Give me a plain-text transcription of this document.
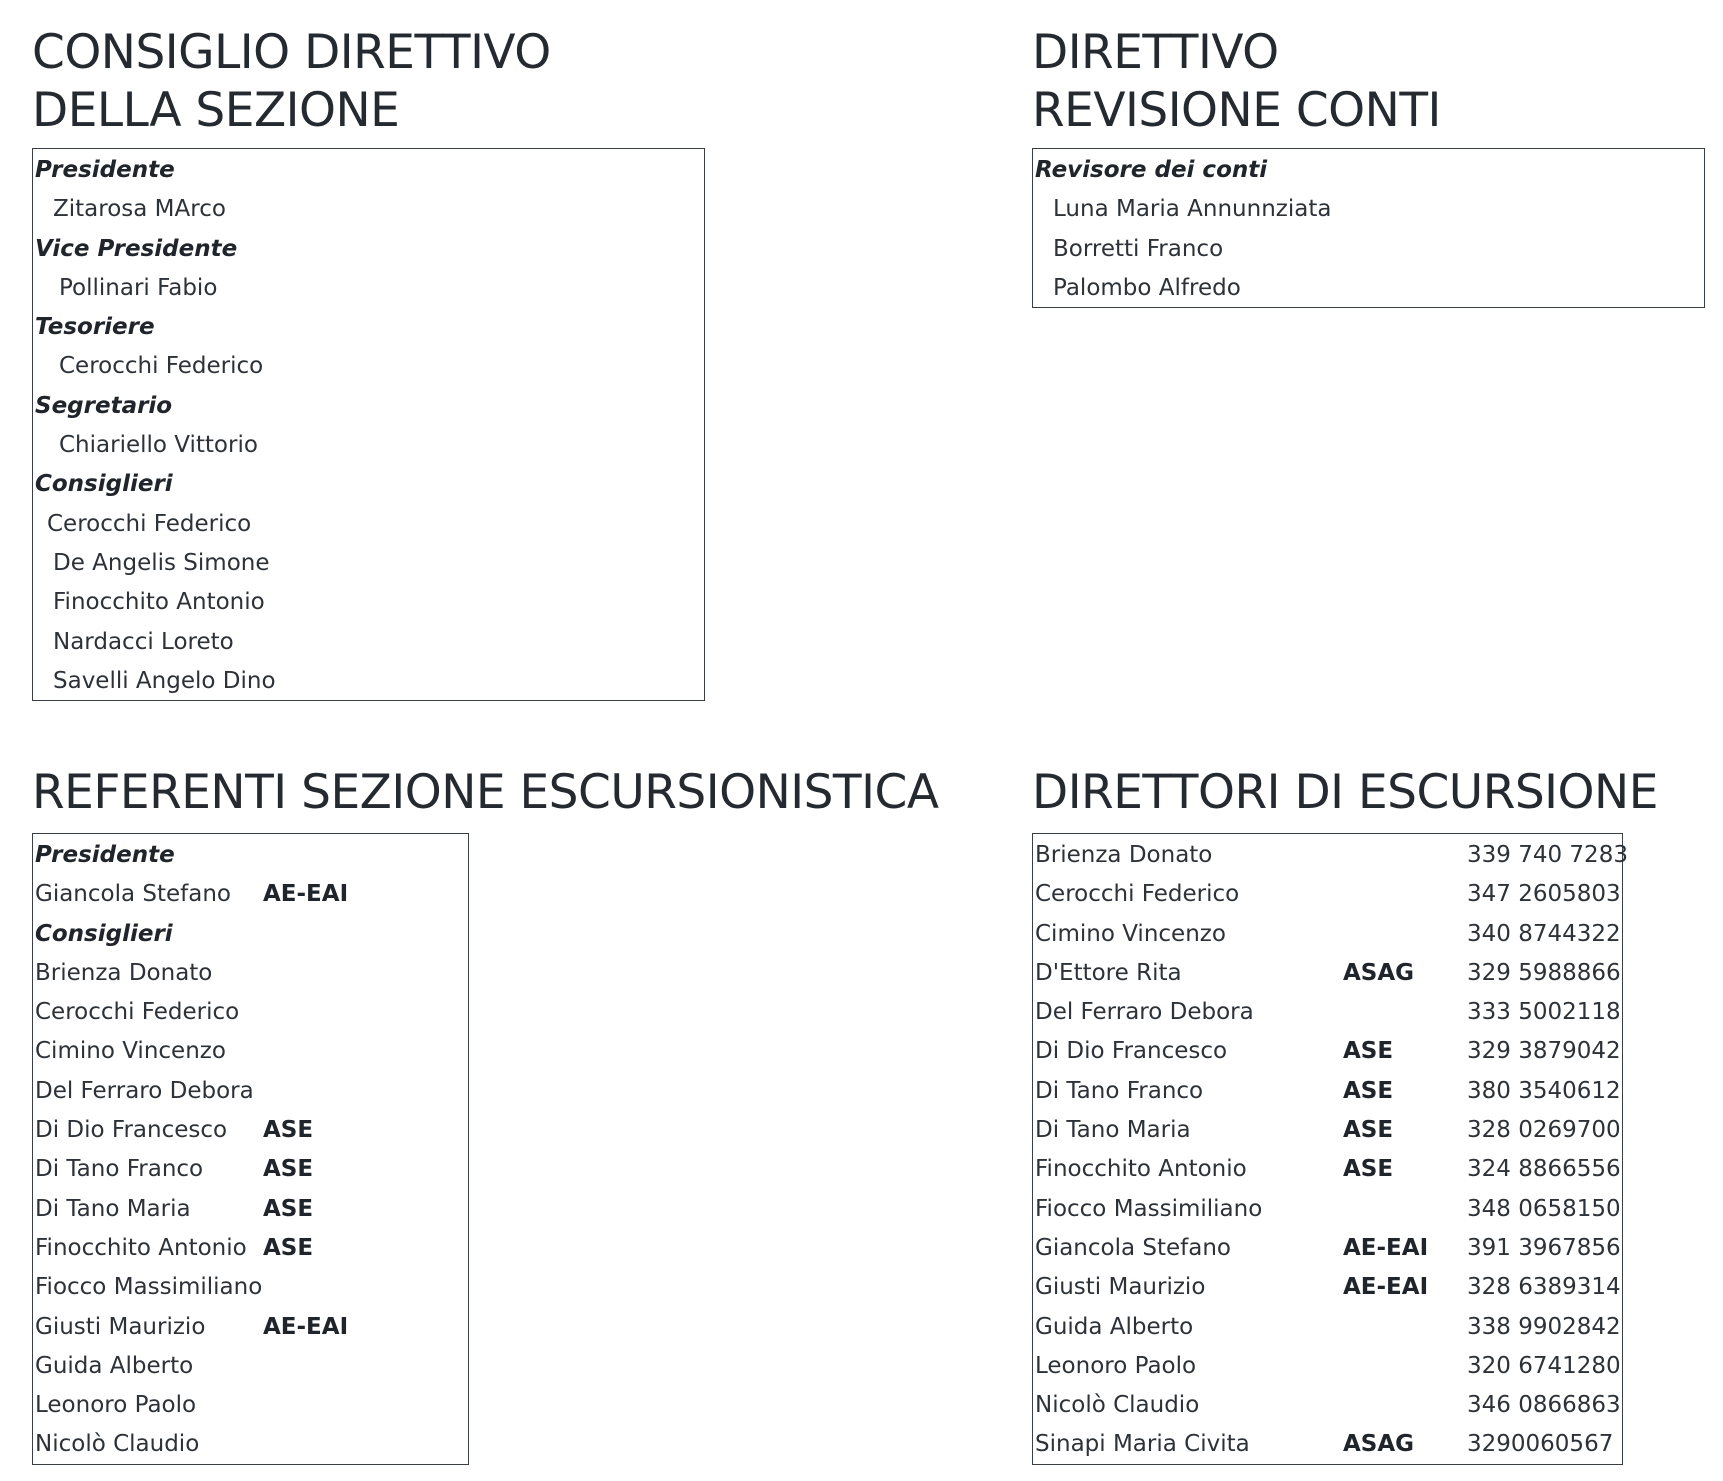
CONSIGLIO DIRETTIVO
DELLA SEZIONE
Presidente
Zitarosa MArco
Vice Presidente
Pollinari Fabio
Tesoriere
Cerocchi Federico
Segretario
Chiariello Vittorio
Consiglieri
Cerocchi Federico
De Angelis Simone
Finocchito Antonio
Nardacci Loreto
Savelli Angelo Dino
DIRETTIVO
REVISIONE CONTI
Revisore dei conti
Luna Maria Annunnziata
Borretti Franco
Palombo Alfredo
REFERENTI SEZIONE ESCURSIONISTICA
Presidente
Giancola Stefano	AE-EAI
Consiglieri
Brienza Donato
Cerocchi Federico
Cimino Vincenzo
Del Ferraro Debora
Di Dio Francesco	ASE
Di Tano Franco	ASE
Di Tano Maria	ASE
Finocchito Antonio ASE
Fiocco Massimiliano
Giusti Maurizio	AE-EAI
Guida Alberto
Leonoro Paolo
Nicolò Claudio
DIRETTORI DI ESCURSIONE
Brienza Donato	339 740 7283
Cerocchi Federico	347 2605803
Cimino Vincenzo	340 8744322
D'Ettore Rita	ASAG 329 5988866
Del Ferraro Debora	333 5002118
Di Dio Francesco	ASE	329 3879042
Di Tano Franco	ASE	380 3540612
Di Tano Maria	ASE	328 0269700
Finocchito Antonio	ASE	324 8866556
Fiocco Massimiliano	348 0658150
Giancola Stefano	AE-EAI 391 3967856
Giusti Maurizio	AE-EAI 328 6389314
Guida Alberto	338 9902842
Leonoro Paolo	320 6741280
Nicolò Claudio	346 0866863
Sinapi Maria Civita	ASAG 3290060567
